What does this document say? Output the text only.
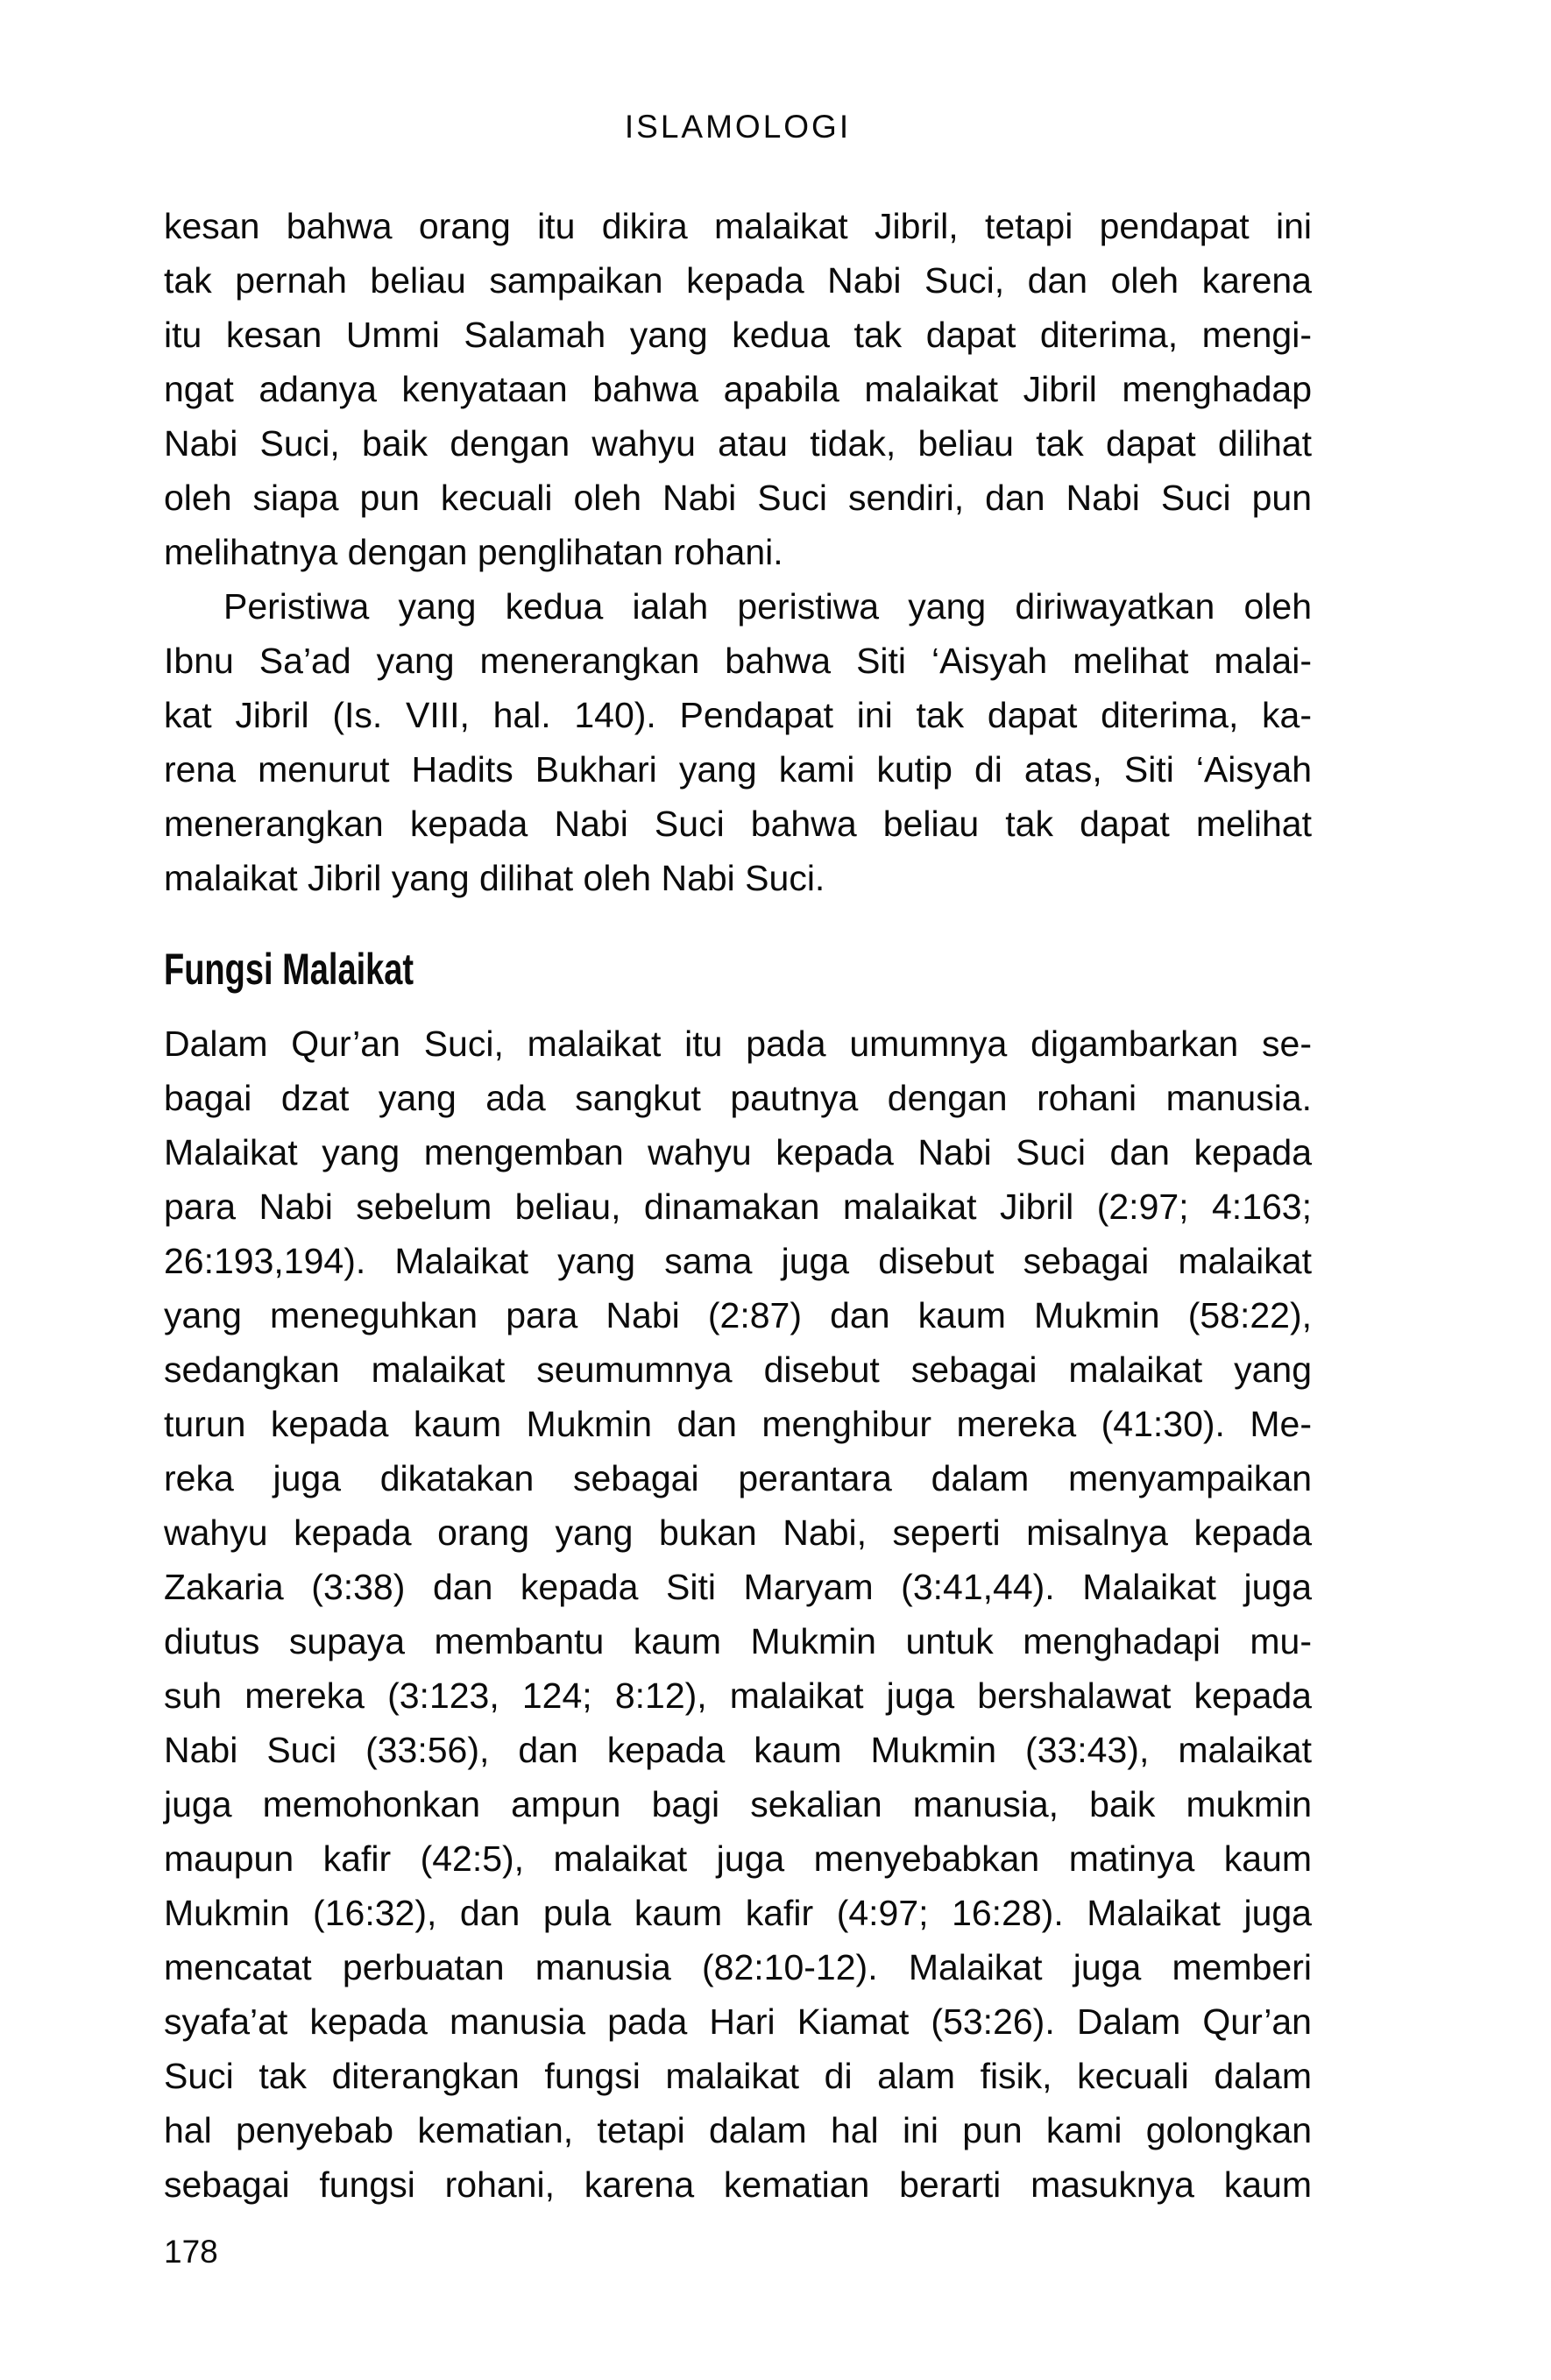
ISLAMOLOGI
kesan bahwa orang itu dikira malaikat Jibril, tetapi pendapat ini
tak pernah beliau sampaikan kepada Nabi Suci, dan oleh karena
itu kesan Ummi Salamah yang kedua tak dapat diterima, mengi-
ngat adanya kenyataan bahwa apabila malaikat Jibril menghadap
Nabi Suci, baik dengan wahyu atau tidak, beliau tak dapat dilihat
oleh siapa pun kecuali oleh Nabi Suci sendiri, dan Nabi Suci pun
melihatnya dengan penglihatan rohani.
Peristiwa yang kedua ialah peristiwa yang diriwayatkan oleh
Ibnu Sa’ad yang menerangkan bahwa Siti ‘Aisyah melihat malai-
kat Jibril (Is. VIII, hal. 140). Pendapat ini tak dapat diterima, ka-
rena menurut Hadits Bukhari yang kami kutip di atas, Siti ‘Aisyah
menerangkan kepada Nabi Suci bahwa beliau tak dapat melihat
malaikat Jibril yang dilihat oleh Nabi Suci.
Fungsi Malaikat
Dalam Qur’an Suci, malaikat itu pada umumnya digambarkan se-
bagai dzat yang ada sangkut pautnya dengan rohani manusia.
Malaikat yang mengemban wahyu kepada Nabi Suci dan kepada
para Nabi sebelum beliau, dinamakan malaikat Jibril (2:97; 4:163;
26:193,194). Malaikat yang sama juga disebut sebagai malaikat
yang meneguhkan para Nabi (2:87) dan kaum Mukmin (58:22),
sedangkan malaikat seumumnya disebut sebagai malaikat yang
turun kepada kaum Mukmin dan menghibur mereka (41:30). Me-
reka juga dikatakan sebagai perantara dalam menyampaikan
wahyu kepada orang yang bukan Nabi, seperti misalnya kepada
Zakaria (3:38) dan kepada Siti Maryam (3:41,44). Malaikat juga
diutus supaya membantu kaum Mukmin untuk menghadapi mu-
suh mereka (3:123, 124; 8:12), malaikat juga bershalawat kepada
Nabi Suci (33:56), dan kepada kaum Mukmin (33:43), malaikat
juga memohonkan ampun bagi sekalian manusia, baik mukmin
maupun kafir (42:5), malaikat juga menyebabkan matinya kaum
Mukmin (16:32), dan pula kaum kafir (4:97; 16:28). Malaikat juga
mencatat perbuatan manusia (82:10-12). Malaikat juga memberi
syafa’at kepada manusia pada Hari Kiamat (53:26). Dalam Qur’an
Suci tak diterangkan fungsi malaikat di alam fisik, kecuali dalam
hal penyebab kematian, tetapi dalam hal ini pun kami golongkan
sebagai fungsi rohani, karena kematian berarti masuknya kaum
178
